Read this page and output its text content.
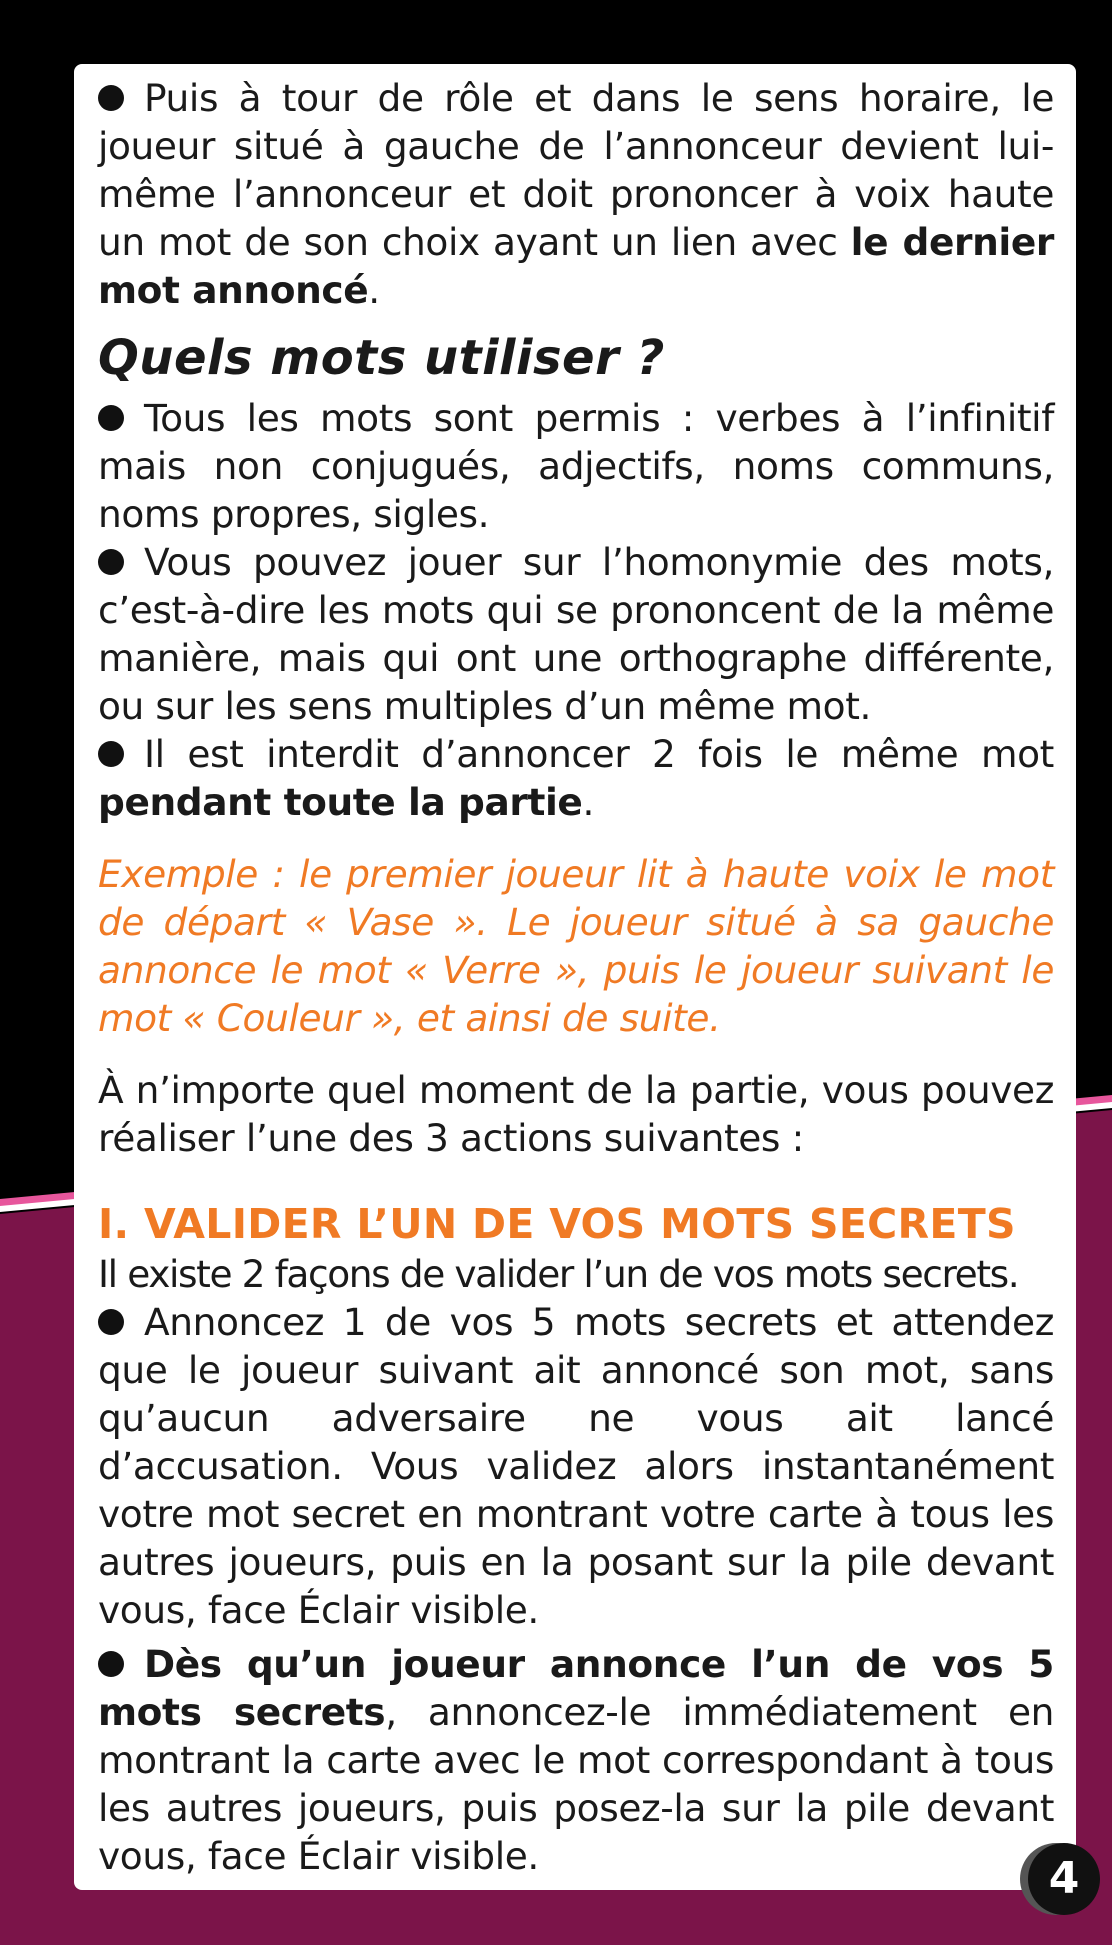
Puis à tour de rôle et dans le sens horaire, le joueur situé à gauche de l’annonceur devient lui-même l’annonceur et doit prononcer à voix haute un mot de son choix ayant un lien avec le dernier mot annoncé.

Quels mots utiliser ?

Tous les mots sont permis : verbes à l’infinitif mais non conjugués, adjectifs, noms communs, noms propres, sigles.

Vous pouvez jouer sur l’homonymie des mots, c’est-à-dire les mots qui se prononcent de la même manière, mais qui ont une orthographe différente, ou sur les sens multiples d’un même mot.

Il est interdit d’annoncer 2 fois le même mot pendant toute la partie.

Exemple : le premier joueur lit à haute voix le mot de départ « Vase ». Le joueur situé à sa gauche annonce le mot « Verre », puis le joueur suivant le mot « Couleur », et ainsi de suite.

À n’importe quel moment de la partie, vous pouvez réaliser l’une des 3 actions suivantes :

I. VALIDER L’UN DE VOS MOTS SECRETS

Il existe 2 façons de valider l’un de vos mots secrets.

Annoncez 1 de vos 5 mots secrets et attendez que le joueur suivant ait annoncé son mot, sans qu’aucun adversaire ne vous ait lancé d’accusation. Vous validez alors instantanément votre mot secret en montrant votre carte à tous les autres joueurs, puis en la posant sur la pile devant vous, face Éclair visible.

Dès qu’un joueur annonce l’un de vos 5 mots secrets, annoncez-le immédiatement en montrant la carte avec le mot correspondant à tous les autres joueurs, puis posez-la sur la pile devant vous, face Éclair visible.	4
